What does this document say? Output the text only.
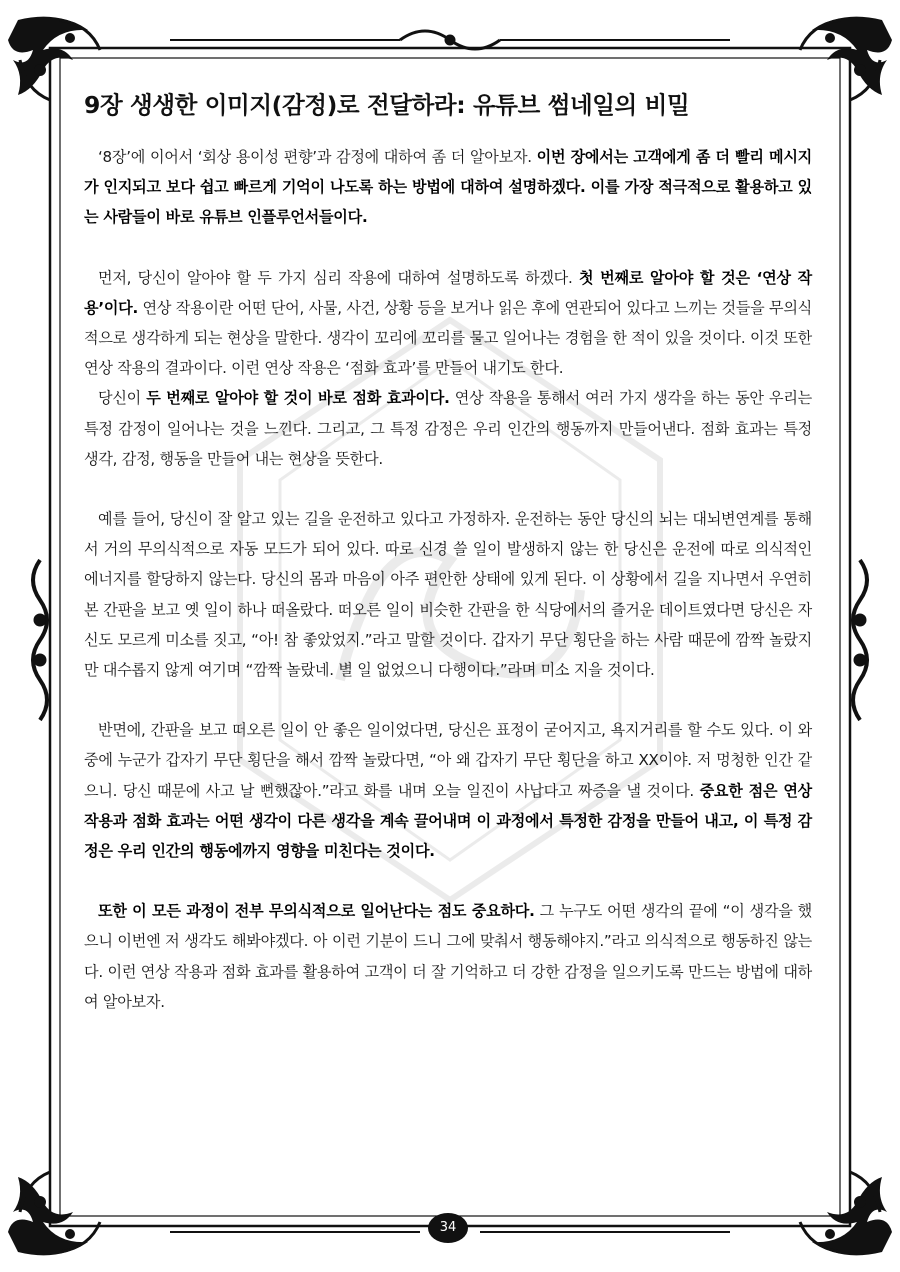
9장 생생한 이미지(감정)로 전달하라: 유튜브 썸네일의 비밀

‘8장’에 이어서 ‘회상 용이성 편향’과 감정에 대하여 좀 더 알아보자. 이번 장에서는 고객에게 좀 더 빨리 메시지가 인지되고 보다 쉽고 빠르게 기억이 나도록 하는 방법에 대하여 설명하겠다. 이를 가장 적극적으로 활용하고 있는 사람들이 바로 유튜브 인플루언서들이다.

먼저, 당신이 알아야 할 두 가지 심리 작용에 대하여 설명하도록 하겠다. 첫 번째로 알아야 할 것은 ‘연상 작용’이다. 연상 작용이란 어떤 단어, 사물, 사건, 상황 등을 보거나 읽은 후에 연관되어 있다고 느끼는 것들을 무의식적으로 생각하게 되는 현상을 말한다. 생각이 꼬리에 꼬리를 물고 일어나는 경험을 한 적이 있을 것이다. 이것 또한 연상 작용의 결과이다. 이런 연상 작용은 ‘점화 효과’를 만들어 내기도 한다.

당신이 두 번째로 알아야 할 것이 바로 점화 효과이다. 연상 작용을 통해서 여러 가지 생각을 하는 동안 우리는 특정 감정이 일어나는 것을 느낀다. 그리고, 그 특정 감정은 우리 인간의 행동까지 만들어낸다. 점화 효과는 특정 생각, 감정, 행동을 만들어 내는 현상을 뜻한다.

예를 들어, 당신이 잘 알고 있는 길을 운전하고 있다고 가정하자. 운전하는 동안 당신의 뇌는 대뇌변연계를 통해서 거의 무의식적으로 자동 모드가 되어 있다. 따로 신경 쓸 일이 발생하지 않는 한 당신은 운전에 따로 의식적인 에너지를 할당하지 않는다. 당신의 몸과 마음이 아주 편안한 상태에 있게 된다. 이 상황에서 길을 지나면서 우연히 본 간판을 보고 옛 일이 하나 떠올랐다. 떠오른 일이 비슷한 간판을 한 식당에서의 즐거운 데이트였다면 당신은 자신도 모르게 미소를 짓고, “아! 참 좋았었지.”라고 말할 것이다. 갑자기 무단 횡단을 하는 사람 때문에 깜짝 놀랐지만 대수롭지 않게 여기며 “깜짝 놀랐네. 별 일 없었으니 다행이다.”라며 미소 지을 것이다.

반면에, 간판을 보고 떠오른 일이 안 좋은 일이었다면, 당신은 표정이 굳어지고, 욕지거리를 할 수도 있다. 이 와중에 누군가 갑자기 무단 횡단을 해서 깜짝 놀랐다면, “아 왜 갑자기 무단 횡단을 하고 XX이야. 저 멍청한 인간 같으니. 당신 때문에 사고 날 뻔했잖아.”라고 화를 내며 오늘 일진이 사납다고 짜증을 낼 것이다. 중요한 점은 연상 작용과 점화 효과는 어떤 생각이 다른 생각을 계속 끌어내며 이 과정에서 특정한 감정을 만들어 내고, 이 특정 감정은 우리 인간의 행동에까지 영향을 미친다는 것이다.

또한 이 모든 과정이 전부 무의식적으로 일어난다는 점도 중요하다. 그 누구도 어떤 생각의 끝에 “이 생각을 했으니 이번엔 저 생각도 해봐야겠다. 아 이런 기분이 드니 그에 맞춰서 행동해야지.”라고 의식적으로 행동하진 않는다. 이런 연상 작용과 점화 효과를 활용하여 고객이 더 잘 기억하고 더 강한 감정을 일으키도록 만드는 방법에 대하여 알아보자.

34
